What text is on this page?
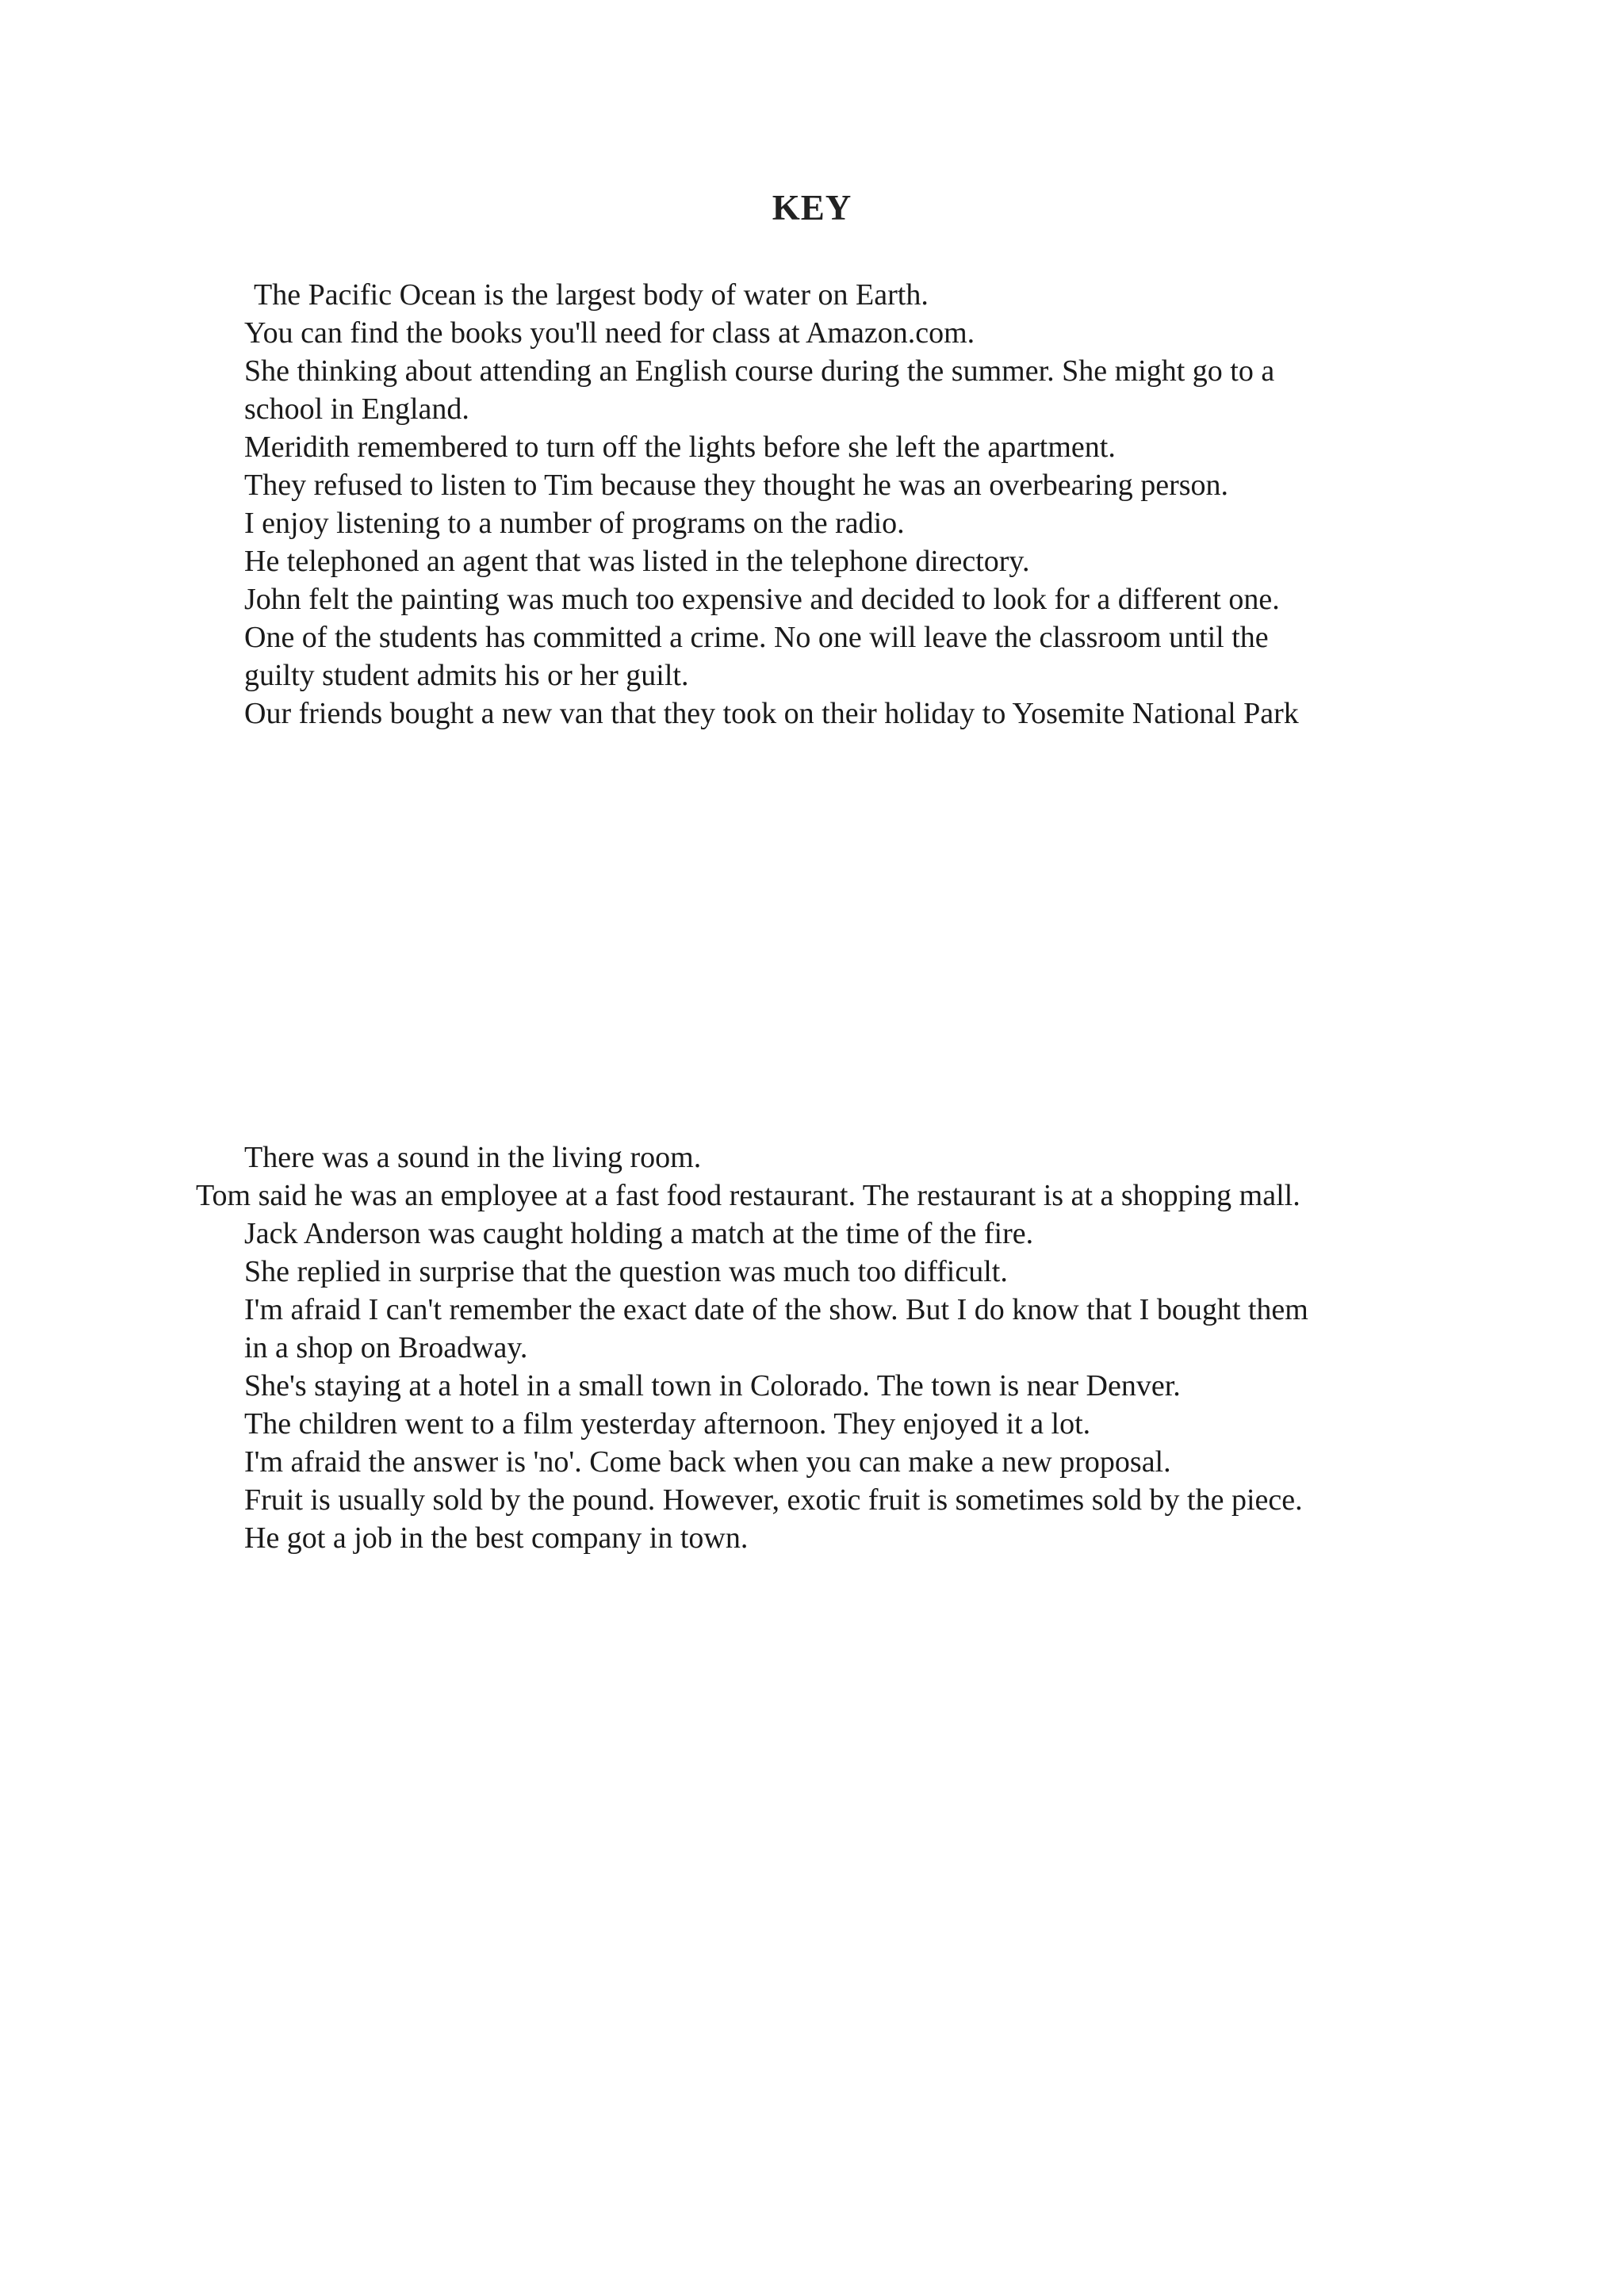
KEY
The Pacific Ocean is the largest body of water on Earth.
You can find the books you'll need for class at Amazon.com.
She thinking about attending an English course during the summer. She might go to a
school in England.
Meridith remembered to turn off the lights before she left the apartment.
They refused to listen to Tim because they thought he was an overbearing person.
I enjoy listening to a number of programs on the radio.
He telephoned an agent that was listed in the telephone directory.
John felt the painting was much too expensive and decided to look for a different one.
One of the students has committed a crime. No one will leave the classroom until the
guilty student admits his or her guilt.
Our friends bought a new van that they took on their holiday to Yosemite National Park
There was a sound in the living room.
Tom said he was an employee at a fast food restaurant. The restaurant is at a shopping mall.
Jack Anderson was caught holding a match at the time of the fire.
She replied in surprise that the question was much too difficult.
I'm afraid I can't remember the exact date of the show. But I do know that I bought them
in a shop on Broadway.
She's staying at a hotel in a small town in Colorado. The town is near Denver.
The children went to a film yesterday afternoon. They enjoyed it a lot.
I'm afraid the answer is 'no'. Come back when you can make a new proposal.
Fruit is usually sold by the pound. However, exotic fruit is sometimes sold by the piece.
He got a job in the best company in town.
